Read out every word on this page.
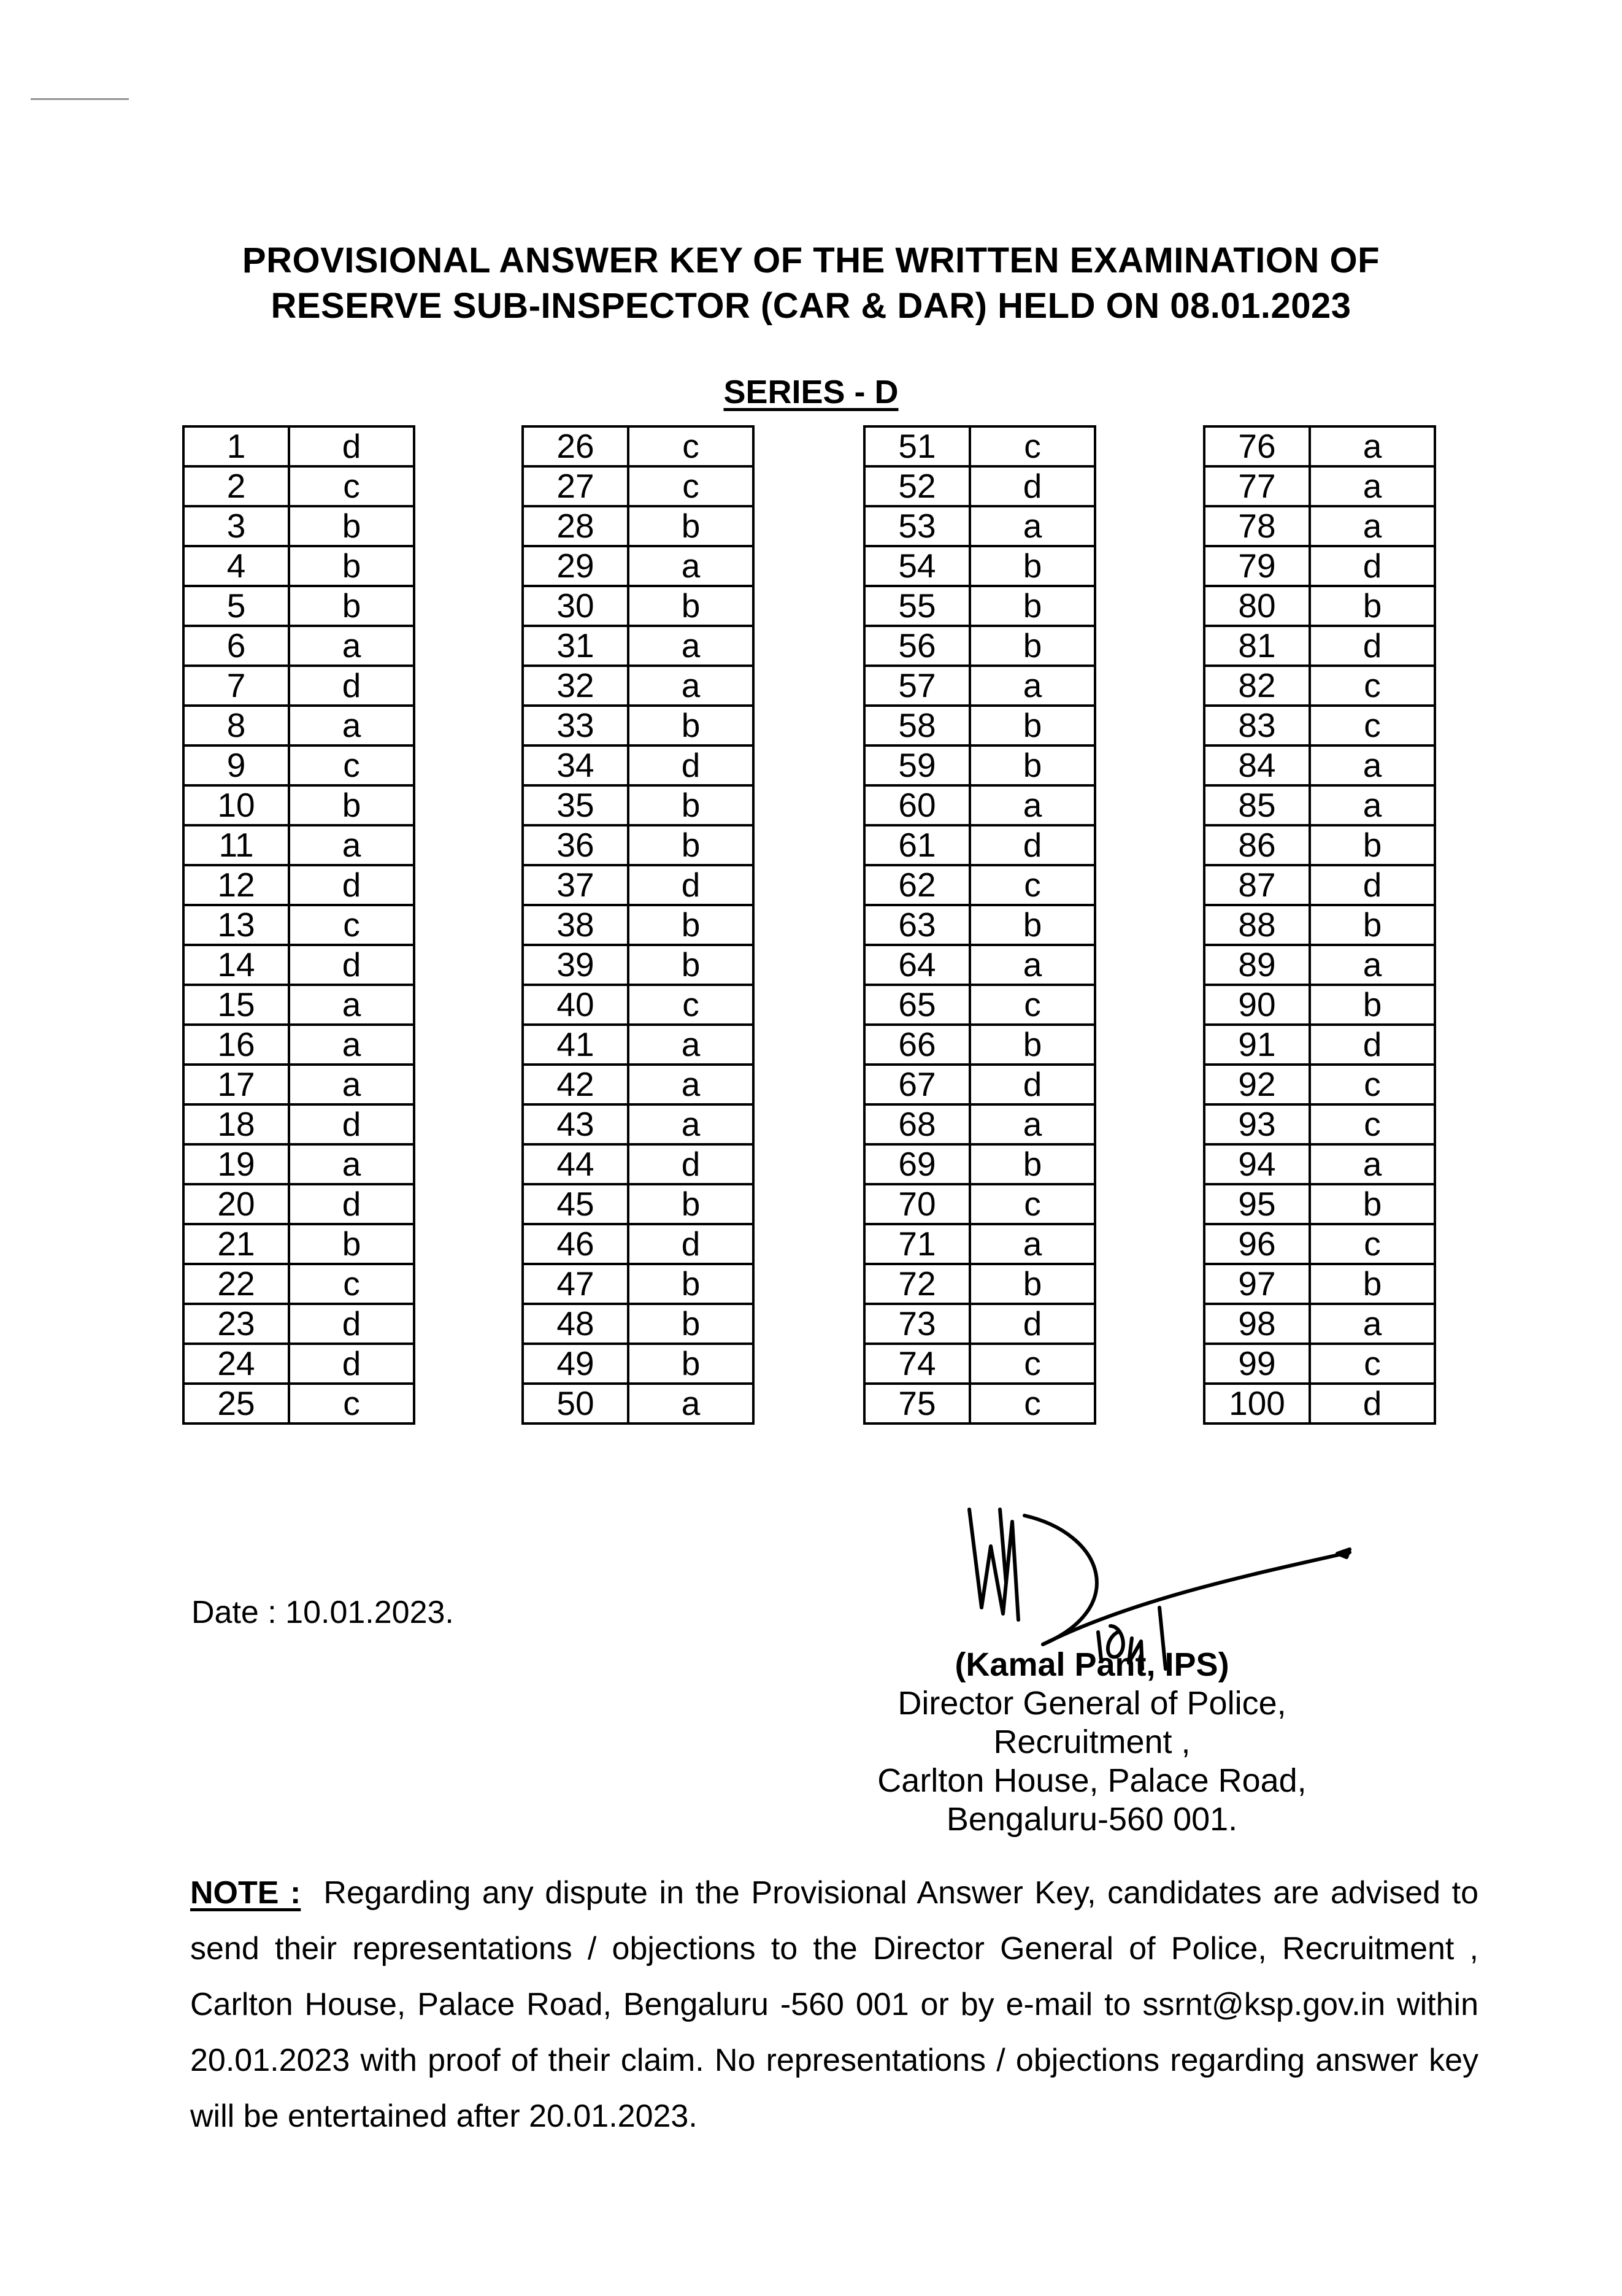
PROVISIONAL ANSWER KEY OF THE WRITTEN EXAMINATION OF
RESERVE SUB-INSPECTOR (CAR & DAR) HELD ON 08.01.2023
SERIES - D
1	d
2	c
3	b
4	b
5	b
6	a
7	d
8	a
9	c
10	b
11	a
12	d
13	c
14	d
15	a
16	a
17	a
18	d
19	a
20	d
21	b
22	c
23	d
24	d
25	c
26	c
27	c
28	b
29	a
30	b
31	a
32	a
33	b
34	d
35	b
36	b
37	d
38	b
39	b
40	c
41	a
42	a
43	a
44	d
45	b
46	d
47	b
48	b
49	b
50	a
51	c
52	d
53	a
54	b
55	b
56	b
57	a
58	b
59	b
60	a
61	d
62	c
63	b
64	a
65	c
66	b
67	d
68	a
69	b
70	c
71	a
72	b
73	d
74	c
75	c
76	a
77	a
78	a
79	d
80	b
81	d
82	c
83	c
84	a
85	a
86	b
87	d
88	b
89	a
90	b
91	d
92	c
93	c
94	a
95	b
96	c
97	b
98	a
99	c
100	d
Date : 10.01.2023.
(Kamal Pant, IPS)
Director General of Police,
Recruitment ,
Carlton House, Palace Road,
Bengaluru-560 001.
NOTE : Regarding any dispute in the Provisional Answer Key, candidates are advised to send their representations / objections to the Director General of Police, Recruitment , Carlton House, Palace Road, Bengaluru -560 001 or by e-mail to ssrnt@ksp.gov.in within 20.01.2023 with proof of their claim. No representations / objections regarding answer key will be entertained after 20.01.2023.
